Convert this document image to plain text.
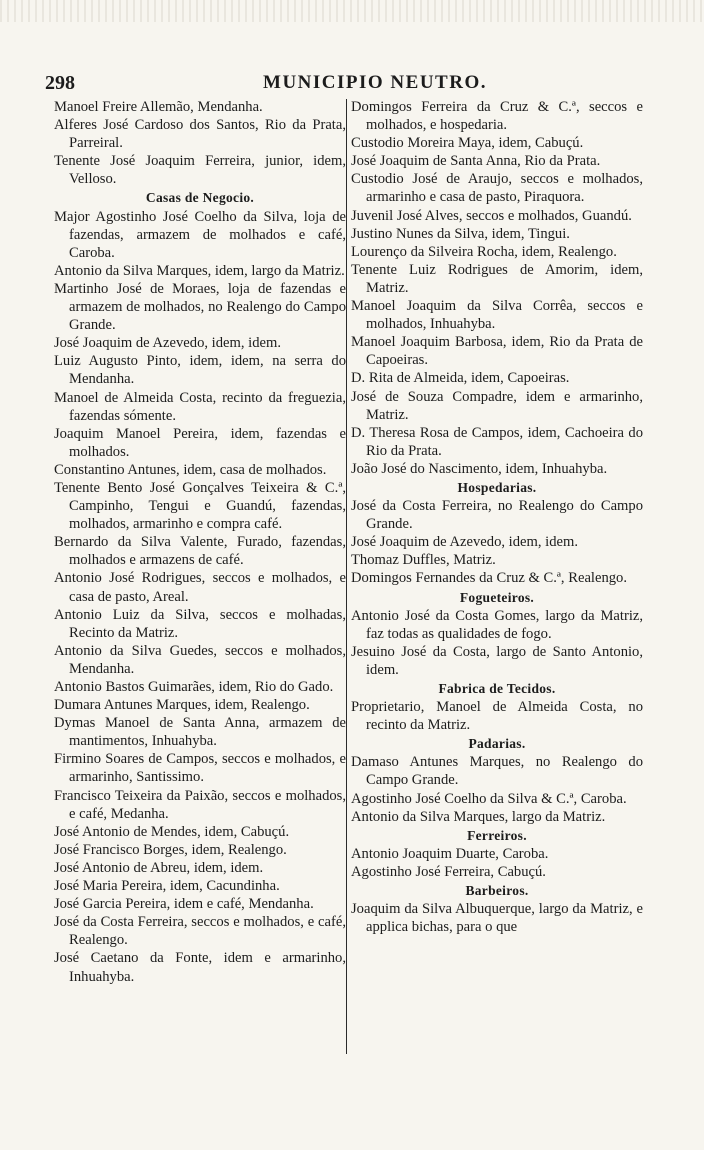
298	MUNICIPIO NEUTRO.

Manoel Freire Allemão, Mendanha.

Alferes José Cardoso dos Santos, Rio da Prata, Parreiral.

Tenente José Joaquim Ferreira, junior, idem, Velloso.

Casas de Negocio.

Major Agostinho José Coelho da Silva, loja de fazendas, armazem de molhados e café, Caroba.

Antonio da Silva Marques, idem, largo da Matriz.

Martinho José de Moraes, loja de fazendas e armazem de molhados, no Realengo do Campo Grande.

José Joaquim de Azevedo, idem, idem.

Luiz Augusto Pinto, idem, idem, na serra do Mendanha.

Manoel de Almeida Costa, recinto da freguezia, fazendas sómente.

Joaquim Manoel Pereira, idem, fazendas e molhados.

Constantino Antunes, idem, casa de molhados.

Tenente Bento José Gonçalves Teixeira & C.ª, Campinho, Tengui e Guandú, fazendas, molhados, armarinho e compra café.

Bernardo da Silva Valente, Furado, fazendas, molhados e armazens de café.

Antonio José Rodrigues, seccos e molhados, e casa de pasto, Areal.

Antonio Luiz da Silva, seccos e molhadas, Recinto da Matriz.

Antonio da Silva Guedes, seccos e molhados, Mendanha.

Antonio Bastos Guimarães, idem, Rio do Gado.

Dumara Antunes Marques, idem, Realengo.

Dymas Manoel de Santa Anna, armazem de mantimentos, Inhuahyba.

Firmino Soares de Campos, seccos e molhados, e armarinho, Santissimo.

Francisco Teixeira da Paixão, seccos e molhados, e café, Medanha.

José Antonio de Mendes, idem, Cabuçú.

José Francisco Borges, idem, Realengo.

José Antonio de Abreu, idem, idem.

José Maria Pereira, idem, Cacundinha.

José Garcia Pereira, idem e café, Mendanha.

José da Costa Ferreira, seccos e molhados, e café, Realengo.

José Caetano da Fonte, idem e armarinho, Inhuahyba.

Domingos Ferreira da Cruz & C.ª, seccos e molhados, e hospedaria.

Custodio Moreira Maya, idem, Cabuçú.

José Joaquim de Santa Anna, Rio da Prata.

Custodio José de Araujo, seccos e molhados, armarinho e casa de pasto, Piraquora.

Juvenil José Alves, seccos e molhados, Guandú.

Justino Nunes da Silva, idem, Tingui.

Lourenço da Silveira Rocha, idem, Realengo.

Tenente Luiz Rodrigues de Amorim, idem, Matriz.

Manoel Joaquim da Silva Corrêa, seccos e molhados, Inhuahyba.

Manoel Joaquim Barbosa, idem, Rio da Prata de Capoeiras.

D. Rita de Almeida, idem, Capoeiras.

José de Souza Compadre, idem e armarinho, Matriz.

D. Theresa Rosa de Campos, idem, Cachoeira do Rio da Prata.

João José do Nascimento, idem, Inhuahyba.

Hospedarias.

José da Costa Ferreira, no Realengo do Campo Grande.

José Joaquim de Azevedo, idem, idem.

Thomaz Duffles, Matriz.

Domingos Fernandes da Cruz & C.ª, Realengo.

Fogueteiros.

Antonio José da Costa Gomes, largo da Matriz, faz todas as qualidades de fogo.

Jesuino José da Costa, largo de Santo Antonio, idem.

Fabrica de Tecidos.

Proprietario, Manoel de Almeida Costa, no recinto da Matriz.

Padarias.

Damaso Antunes Marques, no Realengo do Campo Grande.

Agostinho José Coelho da Silva & C.ª, Caroba.

Antonio da Silva Marques, largo da Matriz.

Ferreiros.

Antonio Joaquim Duarte, Caroba.

Agostinho José Ferreira, Cabuçú.

Barbeiros.

Joaquim da Silva Albuquerque, largo da Matriz, e applica bichas, para o que
